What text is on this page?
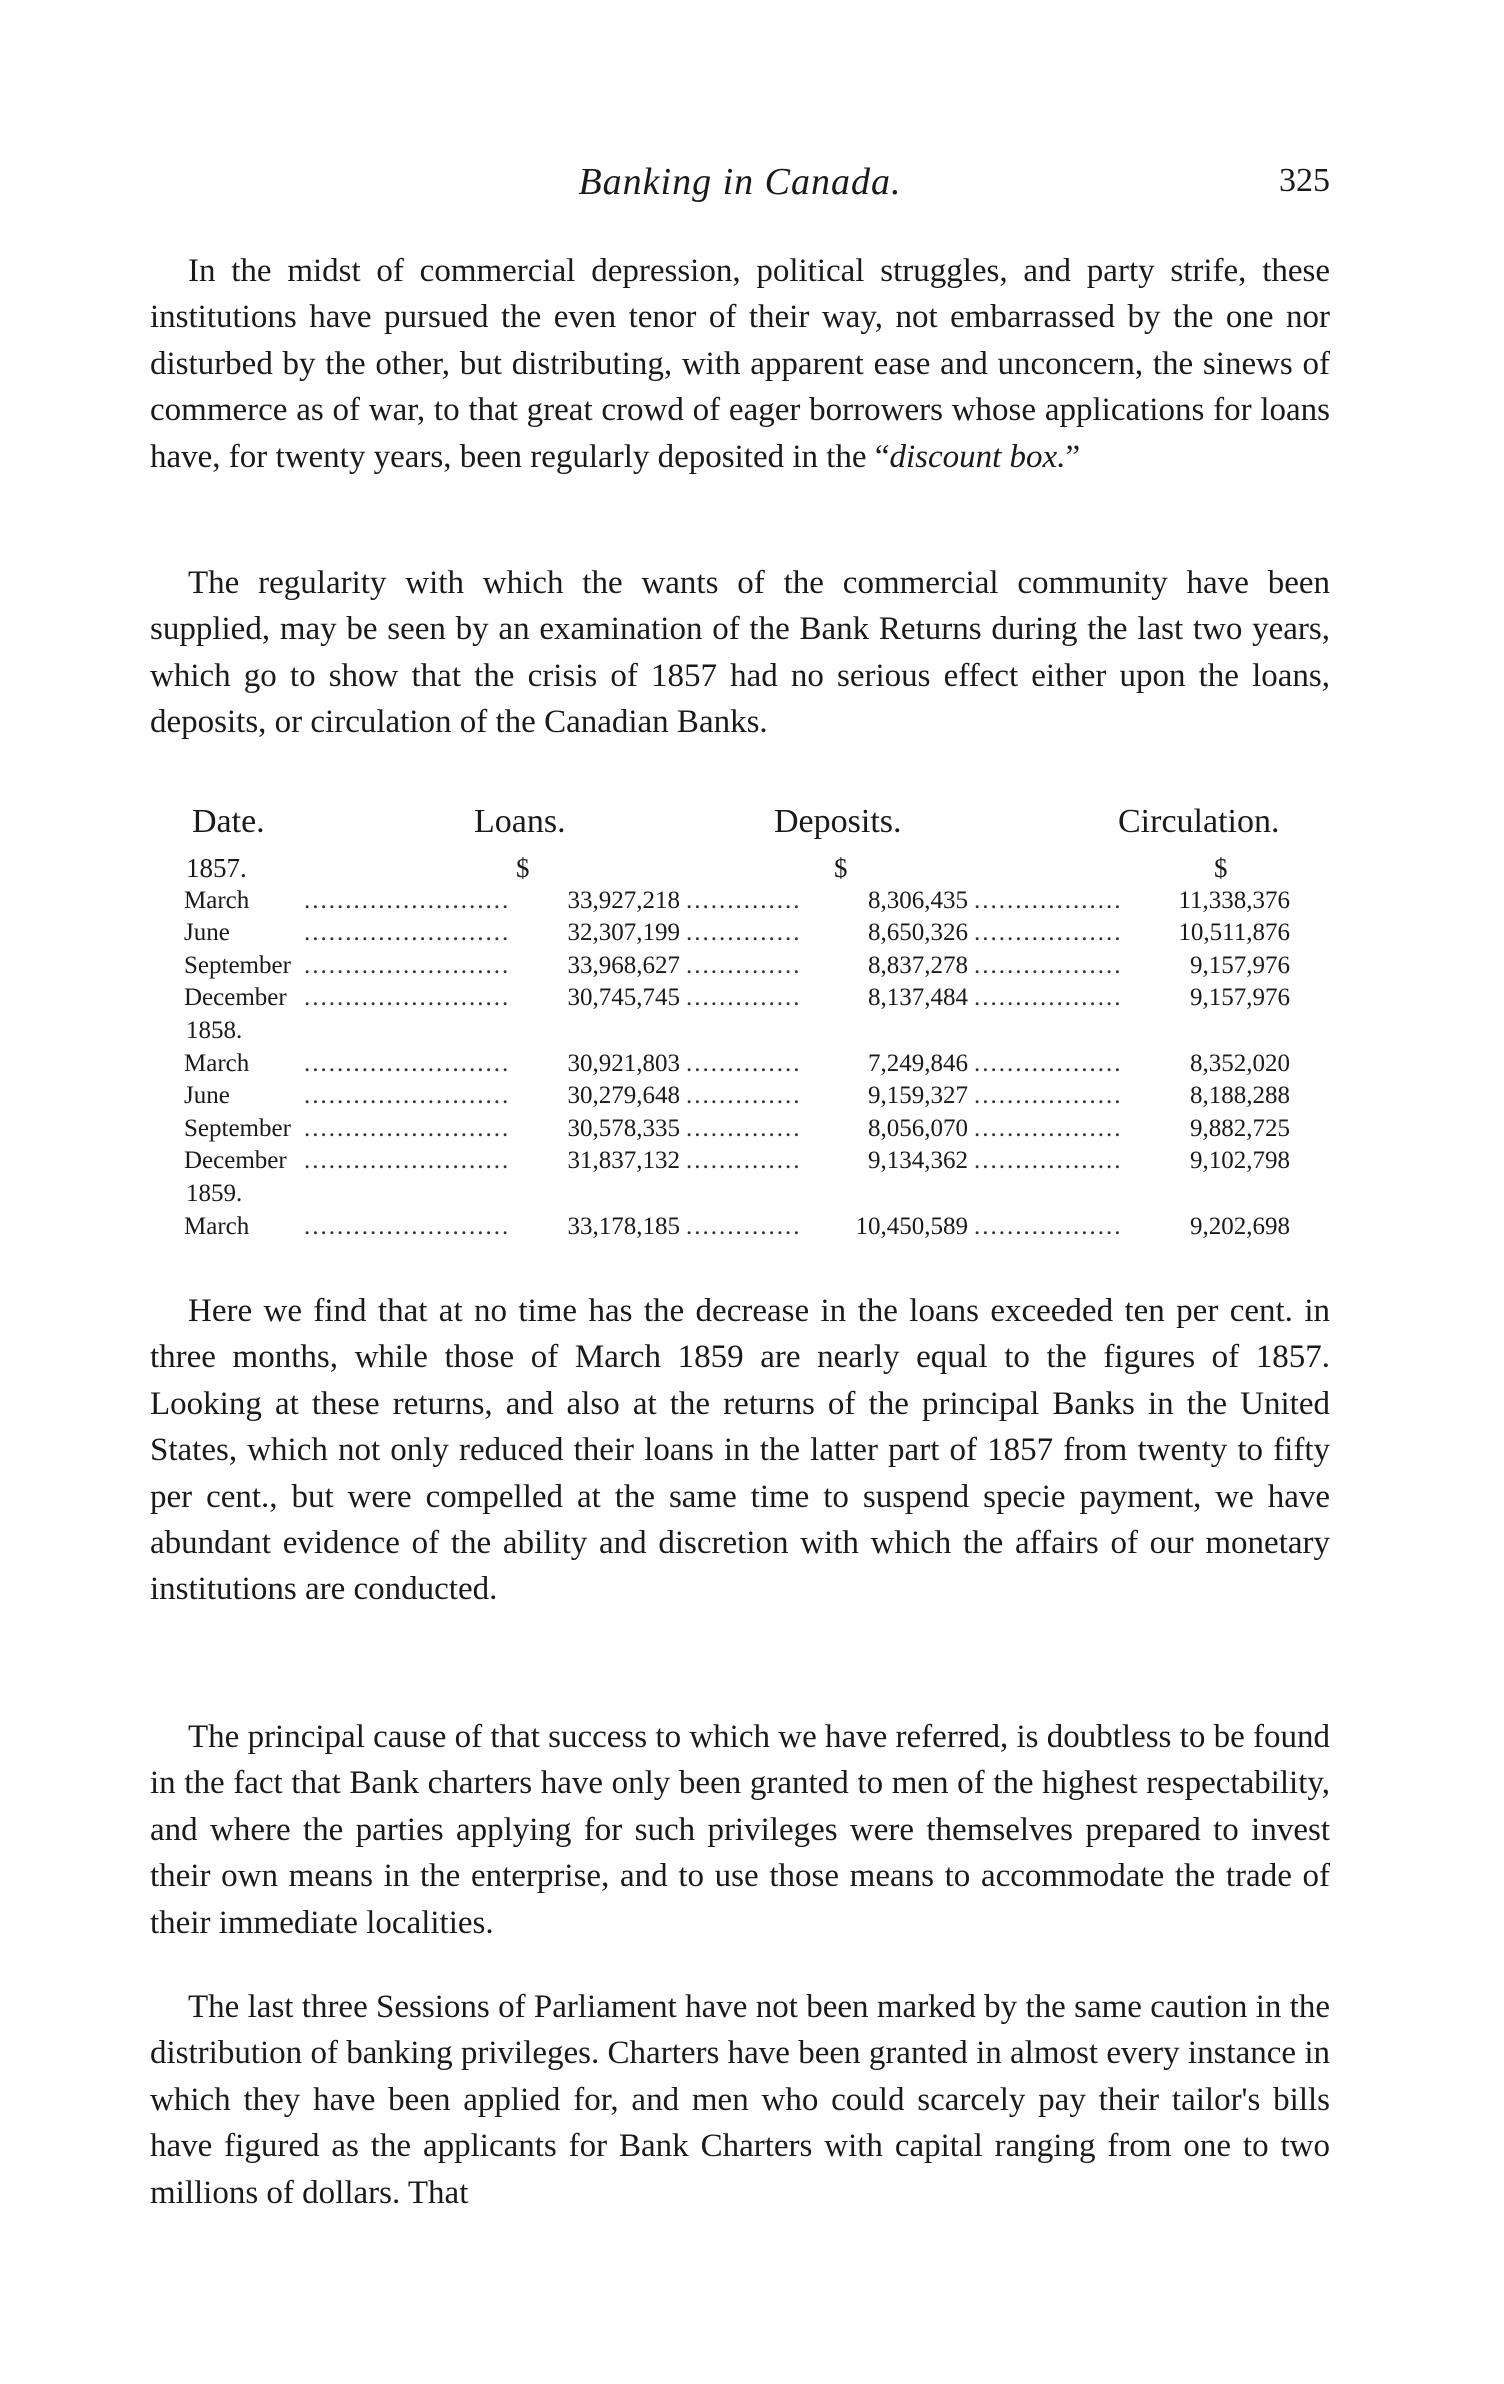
Banking in Canada.	325

In the midst of commercial depression, political struggles, and party strife, these institutions have pursued the even tenor of their way, not embarrassed by the one nor disturbed by the other, but distributing, with apparent ease and unconcern, the sinews of commerce as of war, to that great crowd of eager borrowers whose applications for loans have, for twenty years, been regularly deposited in the “discount box.”

The regularity with which the wants of the commercial community have been supplied, may be seen by an examination of the Bank Returns during the last two years, which go to show that the crisis of 1857 had no serious effect either upon the loans, deposits, or circulation of the Canadian Banks.

Date.	Loans.	Deposits.	Circulation.
1857.	$	$	$
March .....	33,927,218 .....	8,306,435 .....	11,338,376
June .....	32,307,199 .....	8,650,326 .....	10,511,876
September .....	33,968,627 .....	8,837,278 .....	9,157,976
December .....	30,745,745 .....	8,137,484 .....	9,157,976
1858.
March .....	30,921,803 .....	7,249,846 .....	8,352,020
June .....	30,279,648 .....	9,159,327 .....	8,188,288
September .....	30,578,335 .....	8,056,070 .....	9,882,725
December .....	31,837,132 .....	9,134,362 .....	9,102,798
1859.
March .....	33,178,185 .....	10,450,589 .....	9,202,698

Here we find that at no time has the decrease in the loans exceeded ten per cent. in three months, while those of March 1859 are nearly equal to the figures of 1857. Looking at these returns, and also at the returns of the principal Banks in the United States, which not only reduced their loans in the latter part of 1857 from twenty to fifty per cent., but were compelled at the same time to suspend specie payment, we have abundant evidence of the ability and discretion with which the affairs of our monetary institutions are conducted.

The principal cause of that success to which we have referred, is doubtless to be found in the fact that Bank charters have only been granted to men of the highest respectability, and where the parties applying for such privileges were themselves prepared to invest their own means in the enterprise, and to use those means to accommodate the trade of their immediate localities.

The last three Sessions of Parliament have not been marked by the same caution in the distribution of banking privileges. Charters have been granted in almost every instance in which they have been applied for, and men who could scarcely pay their tailor's bills have figured as the applicants for Bank Charters with capital ranging from one to two millions of dollars. That
